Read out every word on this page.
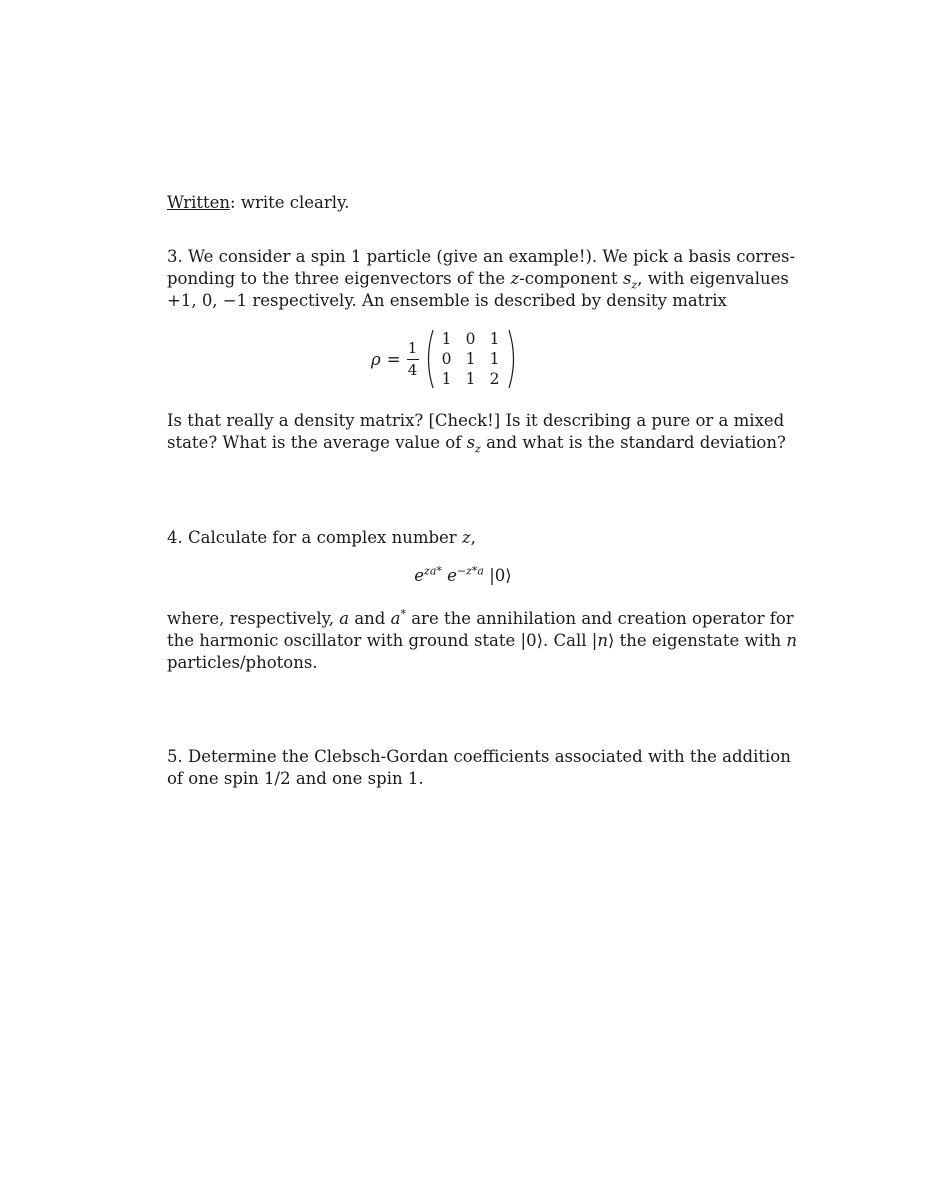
Written: write clearly.

3. We consider a spin 1 particle (give an example!). We pick a basis corres-
ponding to the three eigenvectors of the z-component $s_z$, with eigenvalues
+1, 0, −1 respectively. An ensemble is described by density matrix

$\rho = \frac{1}{4}$
1 0 1
0 1 1
1 1 2

Is that really a density matrix? [Check!] Is it describing a pure or a mixed
state? What is the average value of $s_z$ and what is the standard deviation?

4. Calculate for a complex number z,

$e^{za*}$ $e^{-z*a}$ |0⟩

where, respectively, a and a* are the annihilation and creation operator for
the harmonic oscillator with ground state |0⟩. Call |n⟩ the eigenstate with n
particles/photons.

5. Determine the Clebsch-Gordan coefficients associated with the addition
of one spin 1/2 and one spin 1.
